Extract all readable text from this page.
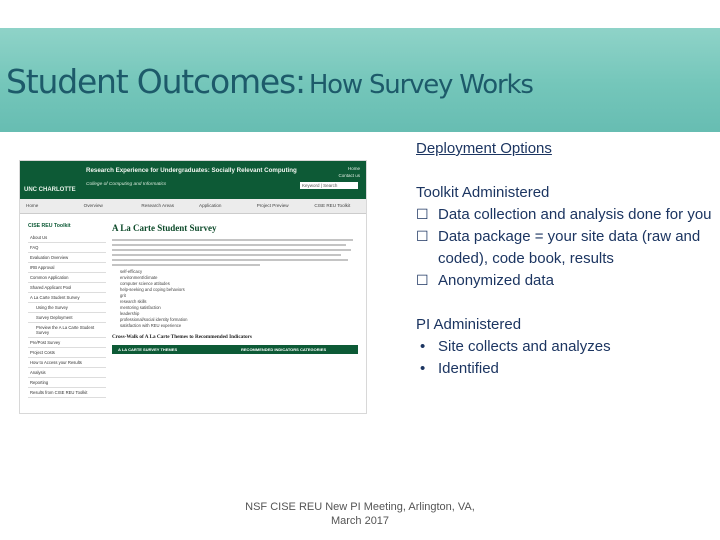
Student Outcomes: How Survey Works
UNC CHARLOTTE
Research Experience for Undergraduates: Socially Relevant Computing
College of Computing and Informatics
Home
Contact us
Keyword | Search
Home	Overview	Research Areas	Application	Project Preview	CISE REU Toolkit
CISE REU Toolkit
About Us
FAQ
Evaluation Overview
IRB Approval
Common Application
Shared Applicant Pool
A La Carte Student Survey
Using the Survey
Survey Deployment
Preview the A La Carte Student Survey
Pre/Post Survey
Project Costs
How to Access your Results
Analysis
Reporting
Results from CISE REU Toolkit
A La Carte Student Survey
self-efficacy
environment/climate
computer science attitudes
help-seeking and coping behaviors
grit
research skills
mentoring satisfaction
leadership
professional/social identity formation
satisfaction with REU experience
Cross-Walk of A La Carte Themes to Recommended Indicators
A LA CARTE SURVEY THEMES	RECOMMENDED INDICATORS CATEGORIES
Deployment Options
Toolkit Administered
☐ Data collection and analysis done for you
☐ Data package = your site data (raw and coded), code book, results
☐ Anonymized data
PI Administered
• Site collects and analyzes
• Identified
NSF CISE REU New PI Meeting, Arlington, VA, March 2017
